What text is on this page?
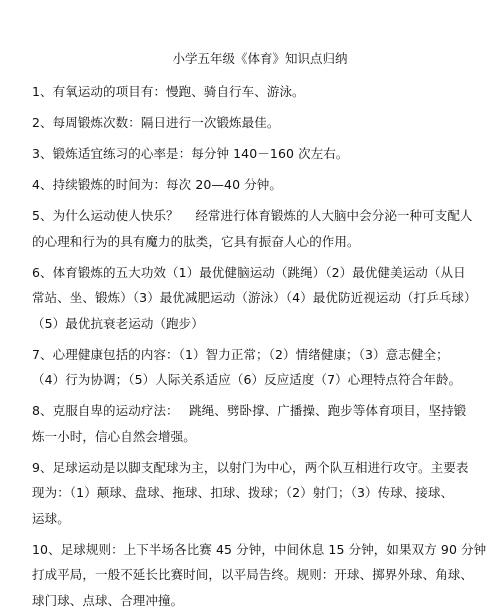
小学五年级《体育》知识点归纳

1、有氧运动的项目有：慢跑、骑自行车、游泳。

2、每周锻炼次数：隔日进行一次锻炼最佳。

3、锻炼适宜练习的心率是：每分钟 140－160 次左右。

4、持续锻炼的时间为：每次 20—40 分钟。

5、为什么运动使人快乐？　 经常进行体育锻炼的人大脑中会分泌一种可支配人

的心理和行为的具有魔力的肽类，它具有振奋人心的作用。

6、体育锻炼的五大功效（1）最优健脑运动（跳绳）（2）最优健美运动（从日

常站、坐、锻炼）（3）最优减肥运动（游泳）（4）最优防近视运动（打乒乓球）

（5）最优抗衰老运动（跑步）

7、心理健康包括的内容：（1）智力正常；（2）情绪健康；（3）意志健全；

（4）行为协调；（5）人际关系适应（6）反应适度（7）心理特点符合年龄。

8、克服自卑的运动疗法：　 跳绳、劈卧撑、广播操、跑步等体育项目，坚持锻

炼一小时，信心自然会增强。

9、足球运动是以脚支配球为主，以射门为中心，两个队互相进行攻守。主要表

现为：（1）颠球、盘球、拖球、扣球、拨球；（2）射门；（3）传球、接球、

运球。

10、足球规则：上下半场各比赛 45 分钟，中间休息 15 分钟，如果双方 90 分钟

打成平局，一般不延长比赛时间，以平局告终。规则：开球、掷界外球、角球、

球门球、点球、合理冲撞。
